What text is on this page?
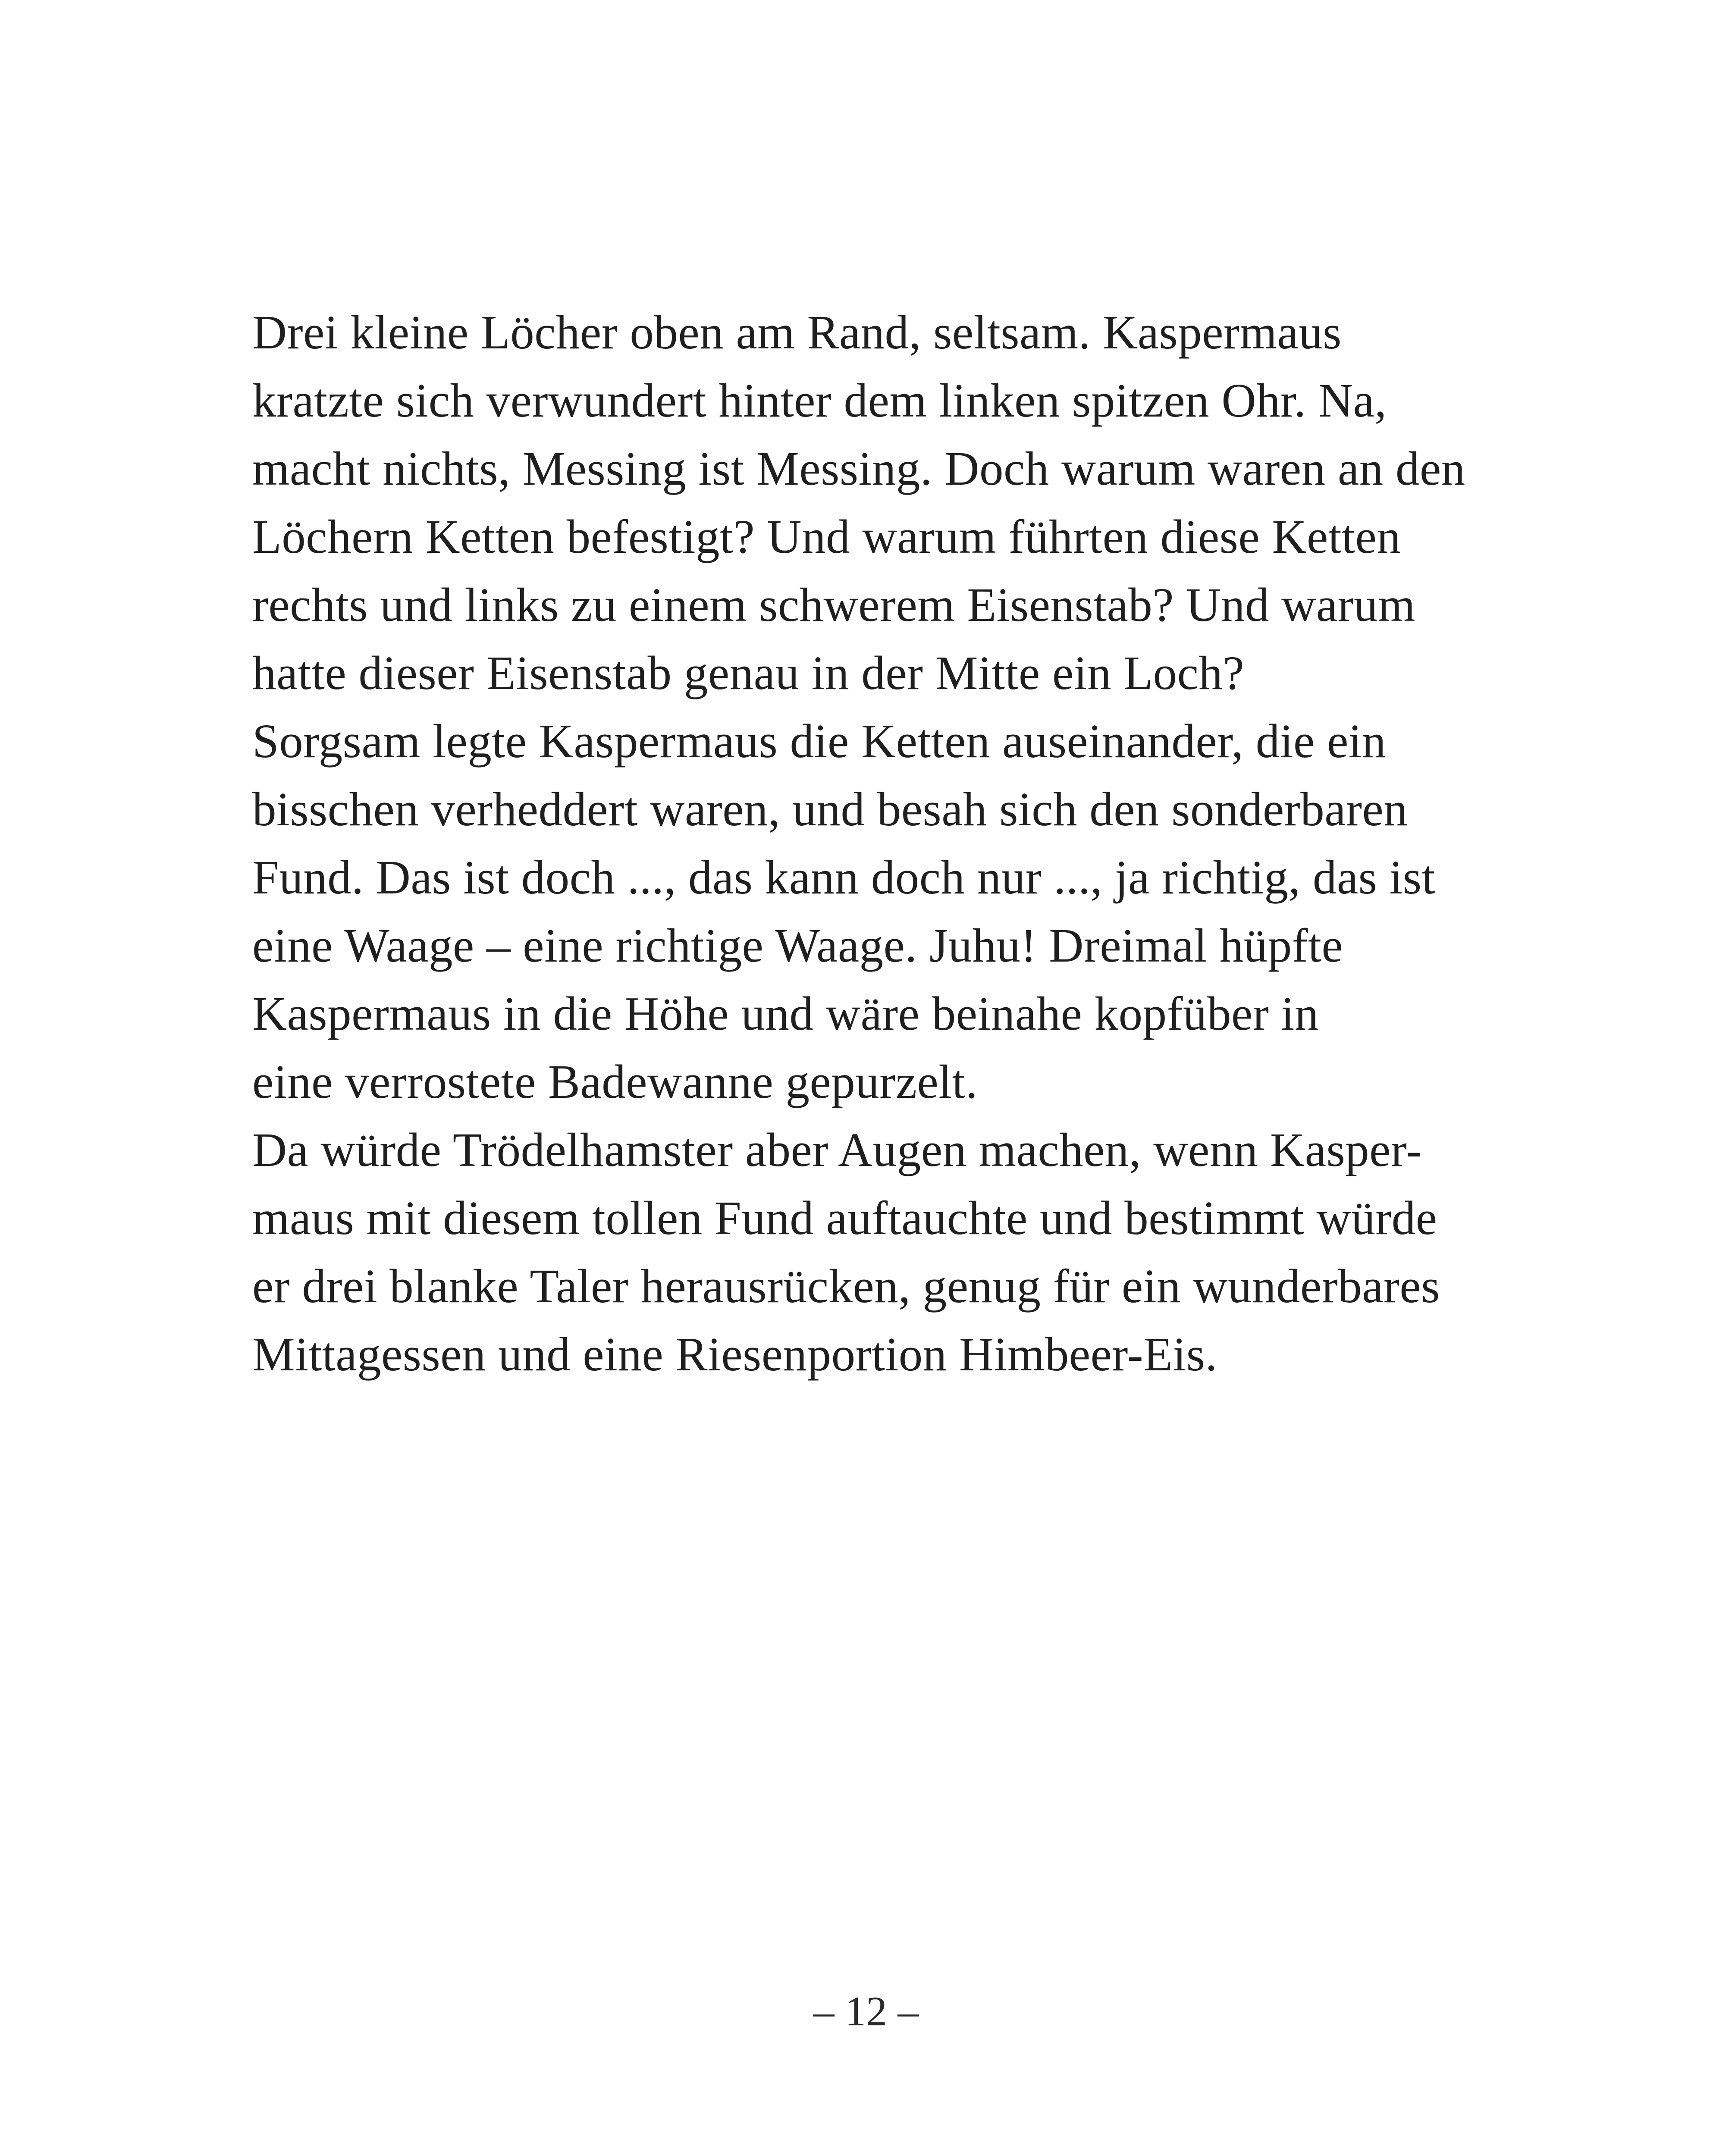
Drei kleine Löcher oben am Rand, seltsam. Kaspermaus
kratzte sich verwundert hinter dem linken spitzen Ohr. Na,
macht nichts, Messing ist Messing. Doch warum waren an den
Löchern Ketten befestigt? Und warum führten diese Ketten
rechts und links zu einem schwerem Eisenstab? Und warum
hatte dieser Eisenstab genau in der Mitte ein Loch?
Sorgsam legte Kaspermaus die Ketten auseinander, die ein
bisschen verheddert waren, und besah sich den sonderbaren
Fund. Das ist doch ..., das kann doch nur ..., ja richtig, das ist
eine Waage – eine richtige Waage. Juhu! Dreimal hüpfte
Kaspermaus in die Höhe und wäre beinahe kopfüber in
eine verrostete Badewanne gepurzelt.
Da würde Trödelhamster aber Augen machen, wenn Kasper-
maus mit diesem tollen Fund auftauchte und bestimmt würde
er drei blanke Taler herausrücken, genug für ein wunderbares
Mittagessen und eine Riesenportion Himbeer-Eis.
– 12 –
